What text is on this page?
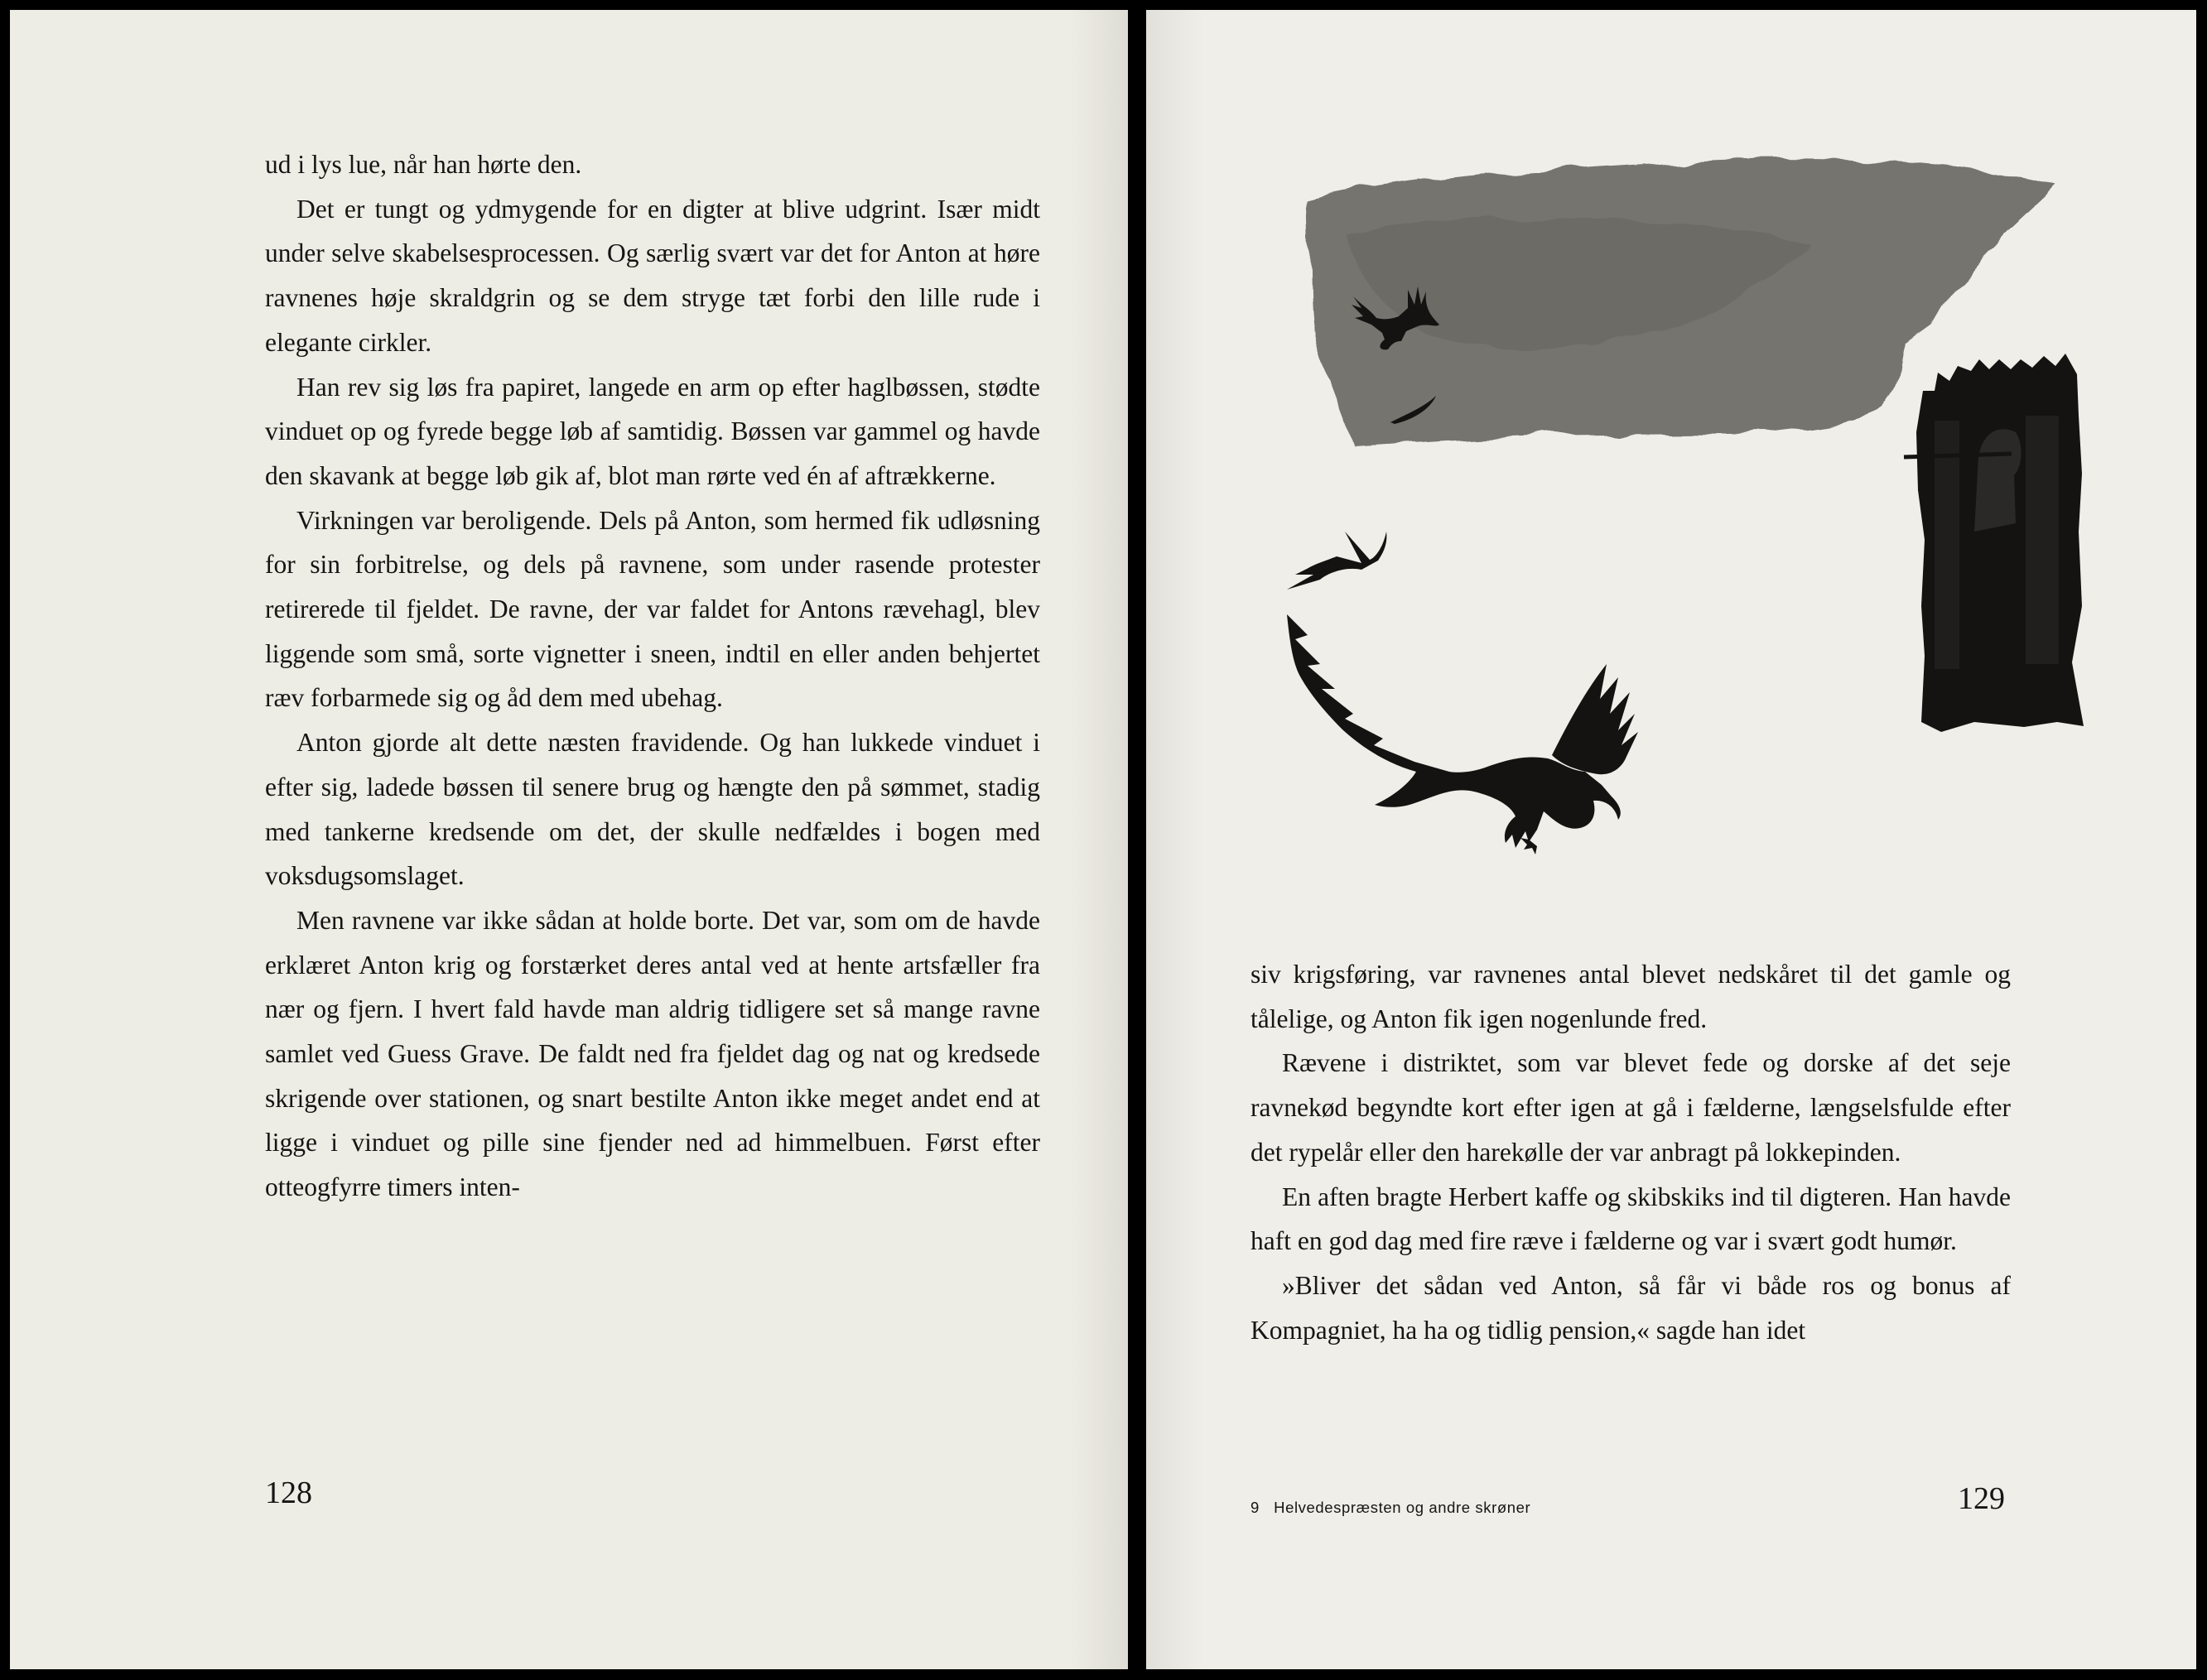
ud i lys lue, når han hørte den.

Det er tungt og ydmygende for en digter at blive udgrint. Især midt under selve skabelsesprocessen. Og særlig svært var det for Anton at høre ravnenes høje skraldgrin og se dem stryge tæt forbi den lille rude i elegante cirkler.

Han rev sig løs fra papiret, langede en arm op efter haglbøssen, stødte vinduet op og fyrede begge løb af samtidig. Bøssen var gammel og havde den skavank at begge løb gik af, blot man rørte ved én af aftrækkerne.

Virkningen var beroligende. Dels på Anton, som hermed fik udløsning for sin forbitrelse, og dels på ravnene, som under rasende protester retirerede til fjeldet. De ravne, der var faldet for Antons rævehagl, blev liggende som små, sorte vignetter i sneen, indtil en eller anden behjertet ræv forbarmede sig og åd dem med ubehag.

Anton gjorde alt dette næsten fravidende. Og han lukkede vinduet i efter sig, ladede bøssen til senere brug og hængte den på sømmet, stadig med tankerne kredsende om det, der skulle nedfældes i bogen med voksdugsomslaget.

Men ravnene var ikke sådan at holde borte. Det var, som om de havde erklæret Anton krig og forstærket deres antal ved at hente artsfæller fra nær og fjern. I hvert fald havde man aldrig tidligere set så mange ravne samlet ved Guess Grave. De faldt ned fra fjeldet dag og nat og kredsede skrigende over stationen, og snart bestilte Anton ikke meget andet end at ligge i vinduet og pille sine fjender ned ad himmelbuen. Først efter otteogfyrre timers inten-

128

siv krigsføring, var ravnenes antal blevet nedskåret til det gamle og tålelige, og Anton fik igen nogenlunde fred.

Rævene i distriktet, som var blevet fede og dorske af det seje ravnekød begyndte kort efter igen at gå i fælderne, længselsfulde efter det rypelår eller den harekølle der var anbragt på lokkepinden.

En aften bragte Herbert kaffe og skibskiks ind til digteren. Han havde haft en god dag med fire ræve i fælderne og var i svært godt humør.

»Bliver det sådan ved Anton, så får vi både ros og bonus af Kompagniet, ha ha og tidlig pension,« sagde han idet

9   Helvedespræsten og andre skrøner	129
